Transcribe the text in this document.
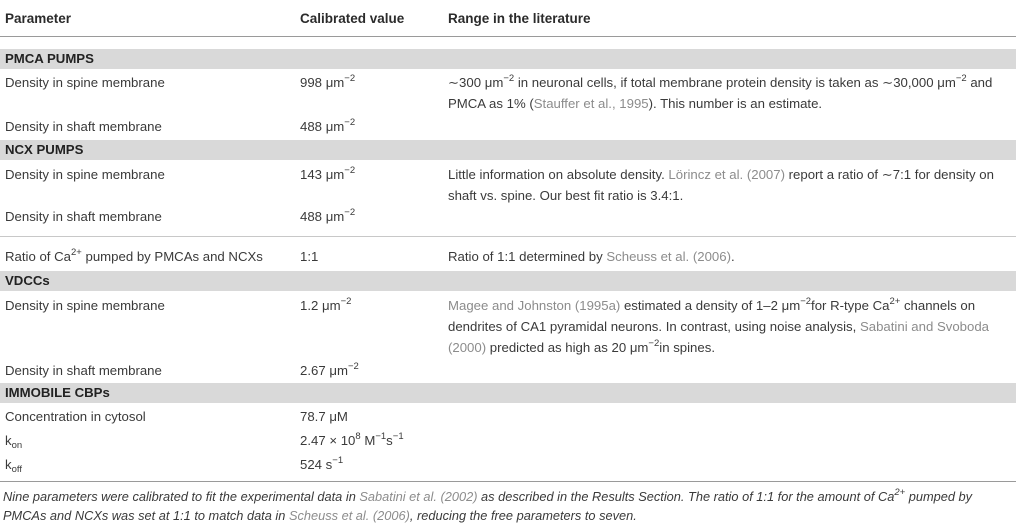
Parameter	Calibrated value	Range in the literature
PMCA PUMPS
Density in spine membrane	998 $\mu m^{-2}$	∼300 $\mu m^{-2}$ in neuronal cells, if total membrane protein density is taken as ∼30,000 $\mu m^{-2}$ and PMCA as 1% (Stauffer et al., 1995). This number is an estimate.
Density in shaft membrane	488 $\mu m^{-2}$
NCX PUMPS
Density in spine membrane	143 $\mu m^{-2}$	Little information on absolute density. Lörincz et al. (2007) report a ratio of ∼7:1 for density on shaft vs. spine. Our best fit ratio is 3.4:1.
Density in shaft membrane	488 $\mu m^{-2}$
Ratio of $Ca^{2+}$ pumped by PMCAs and NCXs	1:1	Ratio of 1:1 determined by Scheuss et al. (2006).
VDCCs
Density in spine membrane	1.2 $\mu m^{-2}$	Magee and Johnston (1995a) estimated a density of 1–2 $\mu m^{-2}for$ R-type $Ca^{2+}$ channels on dendrites of CA1 pyramidal neurons. In contrast, using noise analysis, Sabatini and Svoboda (2000) predicted as high as 20 $\mu m^{-2}in$ spines.
Density in shaft membrane	2.67 $\mu m^{-2}$
IMMOBILE CBPs
Concentration in cytosol	78.7 μM
$k_{on}$	$2.47 \times 10^8$ $M^{-1}s^{-1}$
$k_{off}$	524 $s^{-1}$
Nine parameters were calibrated to fit the experimental data in Sabatini et al. (2002) as described in the Results Section. The ratio of 1:1 for the amount of $Ca^{2+}$ pumped by PMCAs and NCXs was set at 1:1 to match data in Scheuss et al. (2006), reducing the free parameters to seven.
